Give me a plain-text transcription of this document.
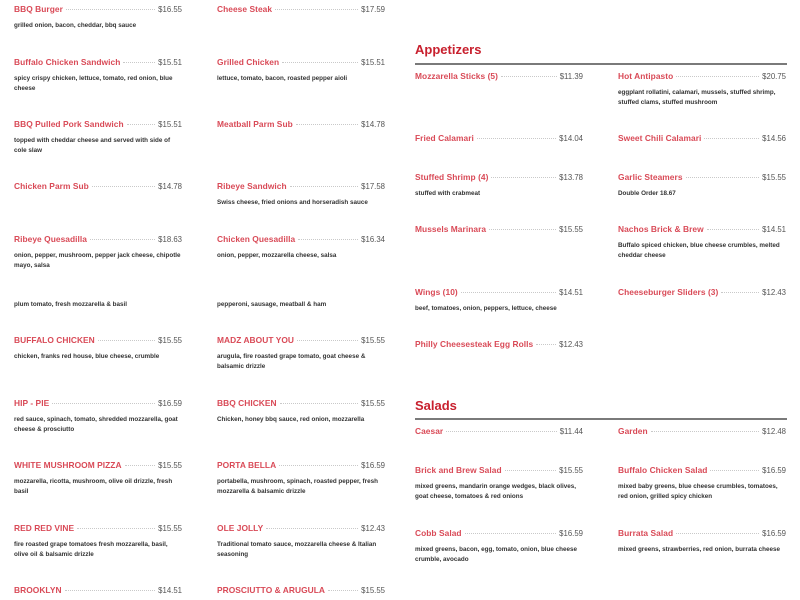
BBQ Burger	$16.55
grilled onion, bacon, cheddar, bbq sauce
Buffalo Chicken Sandwich	$15.51
spicy crispy chicken, lettuce, tomato, red onion, blue cheese
BBQ Pulled Pork Sandwich	$15.51
topped with cheddar cheese and served with side of cole slaw
Chicken Parm Sub	$14.78
Ribeye Quesadilla	$18.63
onion, pepper, mushroom, pepper jack cheese, chipotle mayo, salsa
plum tomato, fresh mozzarella & basil
BUFFALO CHICKEN	$15.55
chicken, franks red house, blue cheese, crumble
HIP - PIE	$16.59
red sauce, spinach, tomato, shredded mozzarella, goat cheese & prosciutto
WHITE MUSHROOM PIZZA	$15.55
mozzarella, ricotta, mushroom, olive oil drizzle, fresh basil
RED RED VINE	$15.55
fire roasted grape tomatoes fresh mozzarella, basil, olive oil & balsamic drizzle
BROOKLYN	$14.51
Cheese Steak	$17.59
Grilled Chicken	$15.51
lettuce, tomato, bacon, roasted pepper aioli
Meatball Parm Sub	$14.78
Ribeye Sandwich	$17.58
Swiss cheese, fried onions and horseradish sauce
Chicken Quesadilla	$16.34
onion, pepper, mozzarella cheese, salsa
pepperoni, sausage, meatball & ham
MADZ ABOUT YOU	$15.55
arugula, fire roasted grape tomato, goat cheese & balsamic drizzle
BBQ CHICKEN	$15.55
Chicken, honey bbq sauce, red onion, mozzarella
PORTA BELLA	$16.59
portabella, mushroom, spinach, roasted pepper, fresh mozzarella & balsamic drizzle
OLE JOLLY	$12.43
Traditional tomato sauce, mozzarella cheese & Italian seasoning
PROSCIUTTO & ARUGULA	$15.55
Appetizers
Mozzarella Sticks (5)	$11.39	Hot Antipasto	$20.75
eggplant rollatini, calamari, mussels, stuffed shrimp, stuffed clams, stuffed mushroom
Fried Calamari	$14.04	Sweet Chili Calamari	$14.56
Stuffed Shrimp (4)	$13.78
stuffed with crabmeat
Garlic Steamers	$15.55
Double Order 18.67
Mussels Marinara	$15.55	Nachos Brick & Brew	$14.51
Buffalo spiced chicken, blue cheese crumbles, melted cheddar cheese
Wings (10)	$14.51
beef, tomatoes, onion, peppers, lettuce, cheese
Cheeseburger Sliders (3)	$12.43
Philly Cheesesteak Egg Rolls	$12.43
Salads
Caesar	$11.44	Garden	$12.48
Brick and Brew Salad	$15.55
mixed greens, mandarin orange wedges, black olives, goat cheese, tomatoes & red onions
Buffalo Chicken Salad	$16.59
mixed baby greens, blue cheese crumbles, tomatoes, red onion, grilled spicy chicken
Cobb Salad	$16.59
mixed greens, bacon, egg, tomato, onion, blue cheese crumble, avocado
Burrata Salad	$16.59
mixed greens, strawberries, red onion, burrata cheese
